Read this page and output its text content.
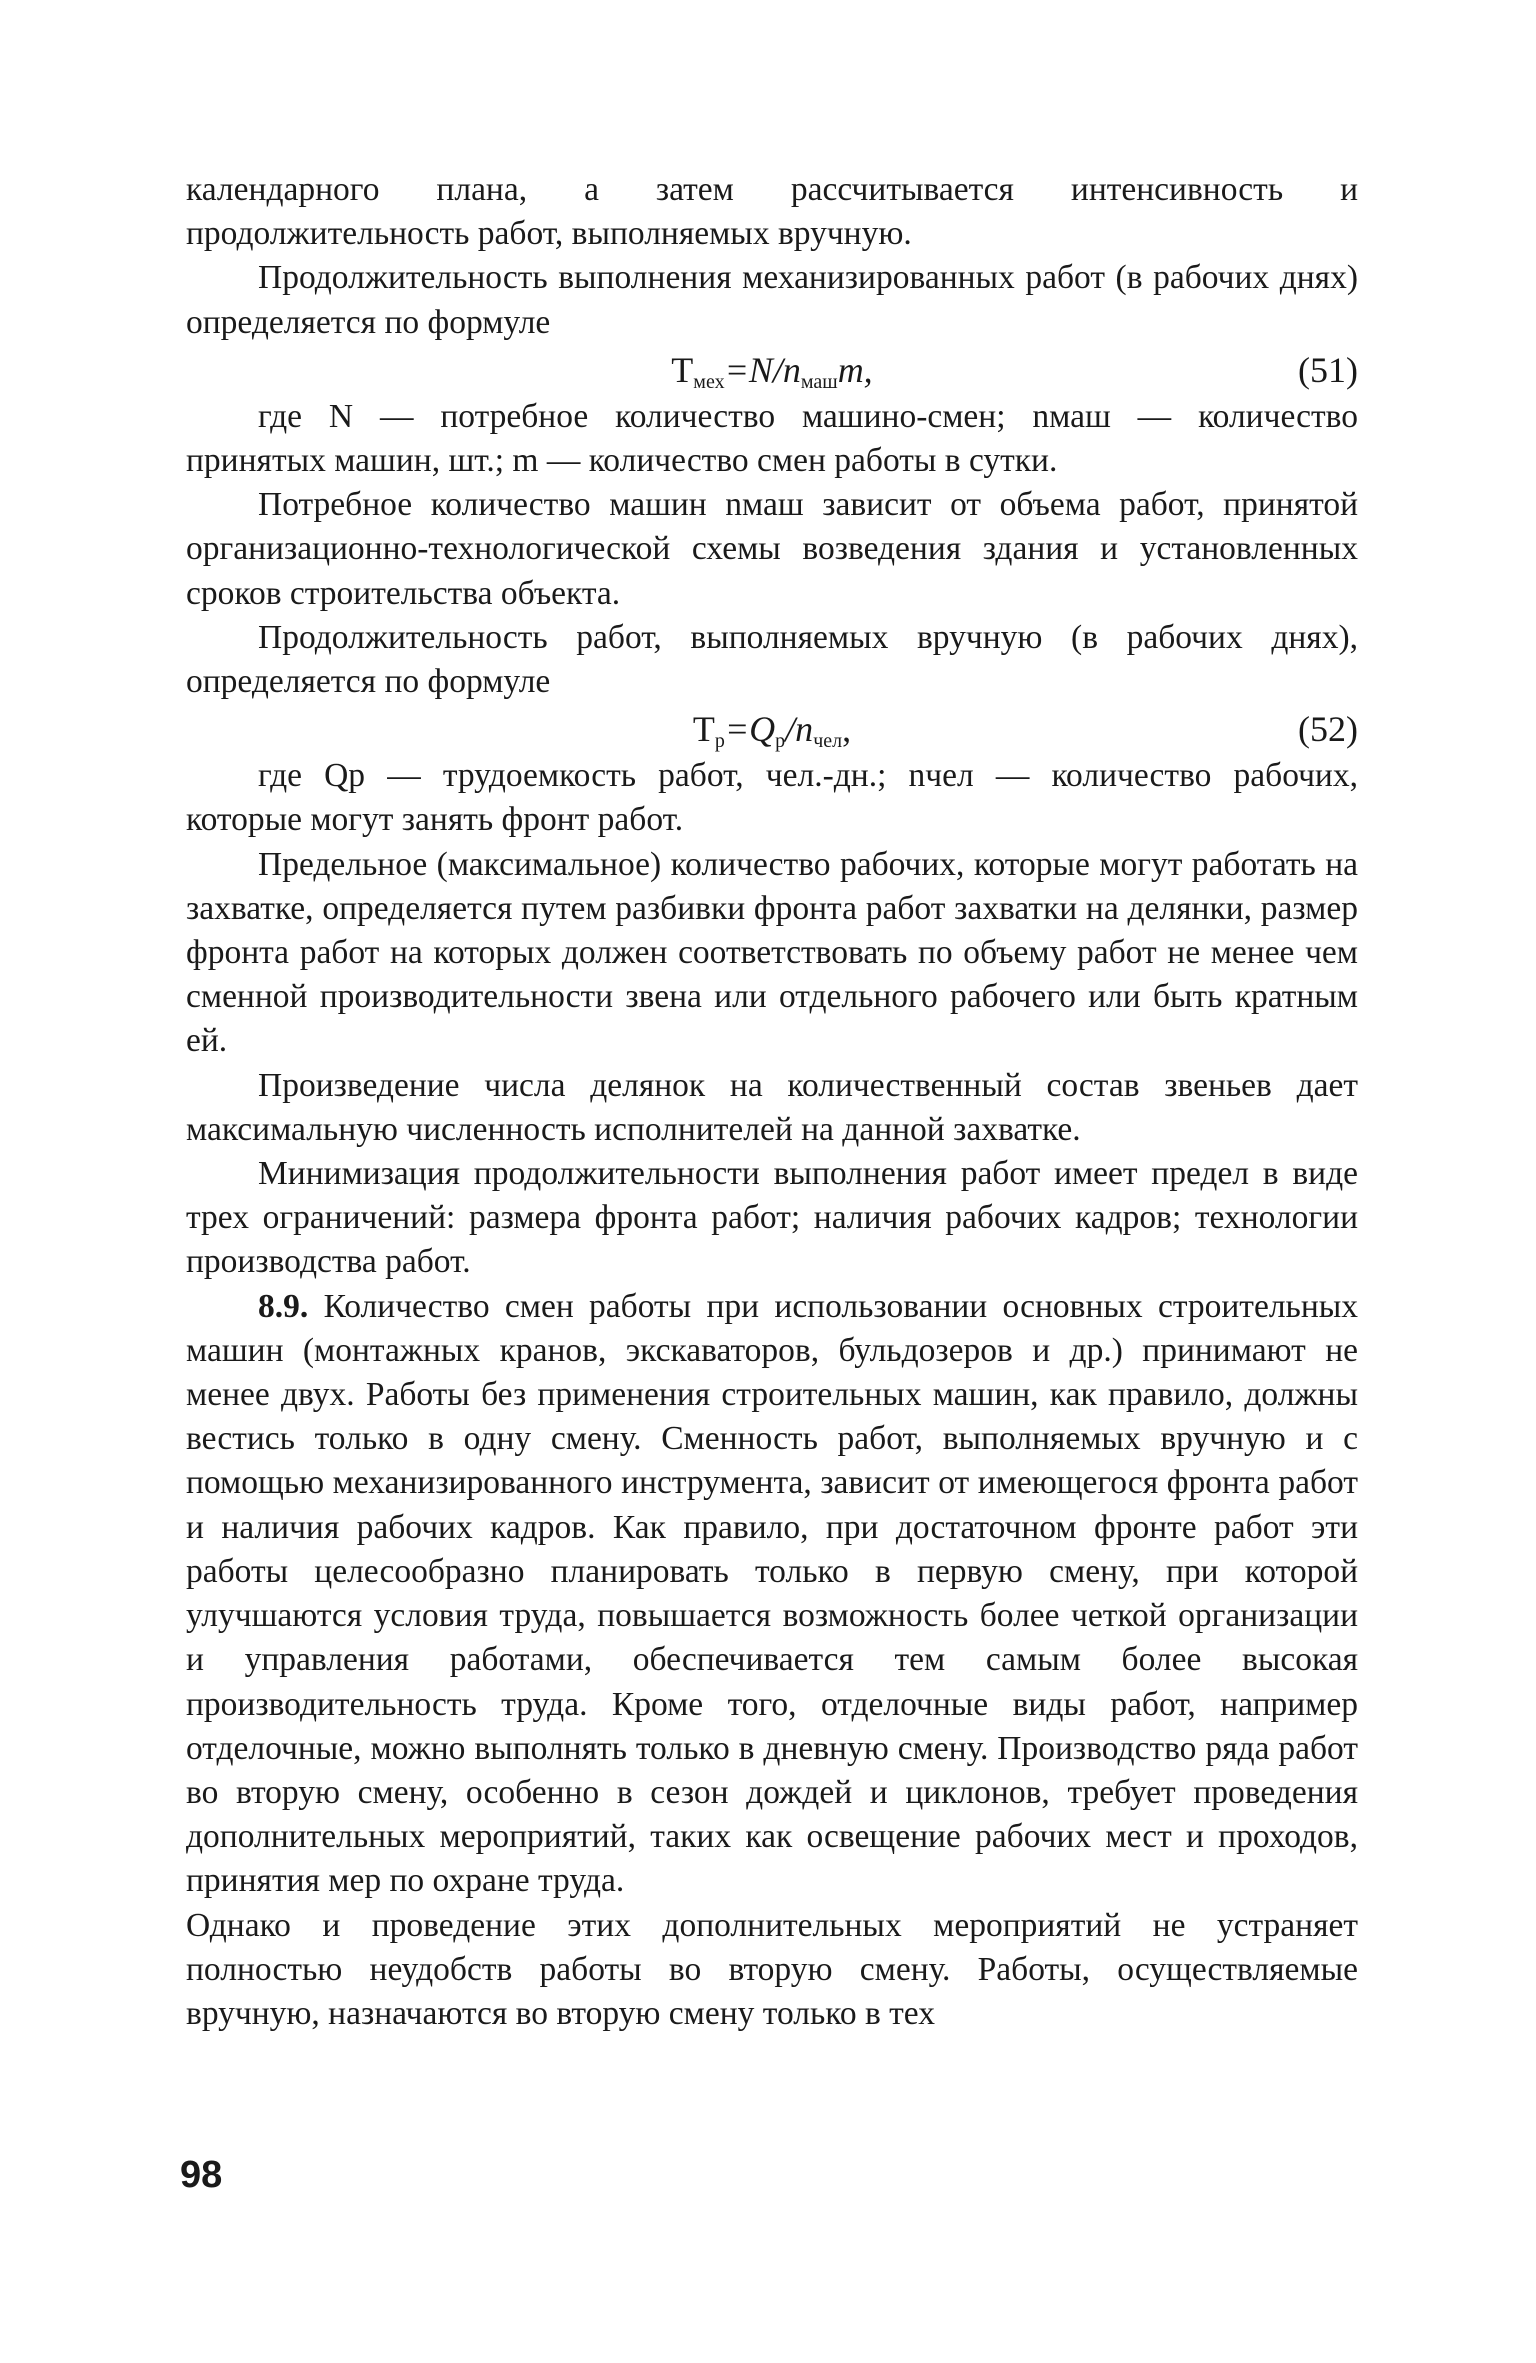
календарного плана, а затем рассчитывается интенсивность и продолжительность работ, выполняемых вручную.

Продолжительность выполнения механизированных работ (в рабочих днях) определяется по формуле

$Т_{мех}=N/n_{маш}m$,	(51)

где N — потребное количество машино-смен; nмаш — количество принятых машин, шт.; m — количество смен работы в сутки.

Потребное количество машин nмаш зависит от объема работ, принятой организационно-технологической схемы возведения здания и установленных сроков строительства объекта.

Продолжительность работ, выполняемых вручную (в рабочих днях), определяется по формуле

$Т_р=Q_р/n_{чел}$,	(52)

где Qр — трудоемкость работ, чел.-дн.; nчел — количество рабочих, которые могут занять фронт работ.

Предельное (максимальное) количество рабочих, которые могут работать на захватке, определяется путем разбивки фронта работ захватки на делянки, размер фронта работ на которых должен соответствовать по объему работ не менее чем сменной производительности звена или отдельного рабочего или быть кратным ей.

Произведение числа делянок на количественный состав звеньев дает максимальную численность исполнителей на данной захватке.

Минимизация продолжительности выполнения работ имеет предел в виде трех ограничений: размера фронта работ; наличия рабочих кадров; технологии производства работ.

8.9. Количество смен работы при использовании основных строительных машин (монтажных кранов, экскаваторов, бульдозеров и др.) принимают не менее двух. Работы без применения строительных машин, как правило, должны вестись только в одну смену. Сменность работ, выполняемых вручную и с помощью механизированного инструмента, зависит от имеющегося фронта работ и наличия рабочих кадров. Как правило, при достаточном фронте работ эти работы целесообразно планировать только в первую смену, при которой улучшаются условия труда, повышается возможность более четкой организации и управления работами, обеспечивается тем самым более высокая производительность труда. Кроме того, отделочные виды работ, например отделочные, можно выполнять только в дневную смену. Производство ряда работ во вторую смену, особенно в сезон дождей и циклонов, требует проведения дополнительных мероприятий, таких как освещение рабочих мест и проходов, принятия мер по охране труда.

Однако и проведение этих дополнительных мероприятий не устраняет полностью неудобств работы во вторую смену. Работы, осуществляемые вручную, назначаются во вторую смену только в тех

98
